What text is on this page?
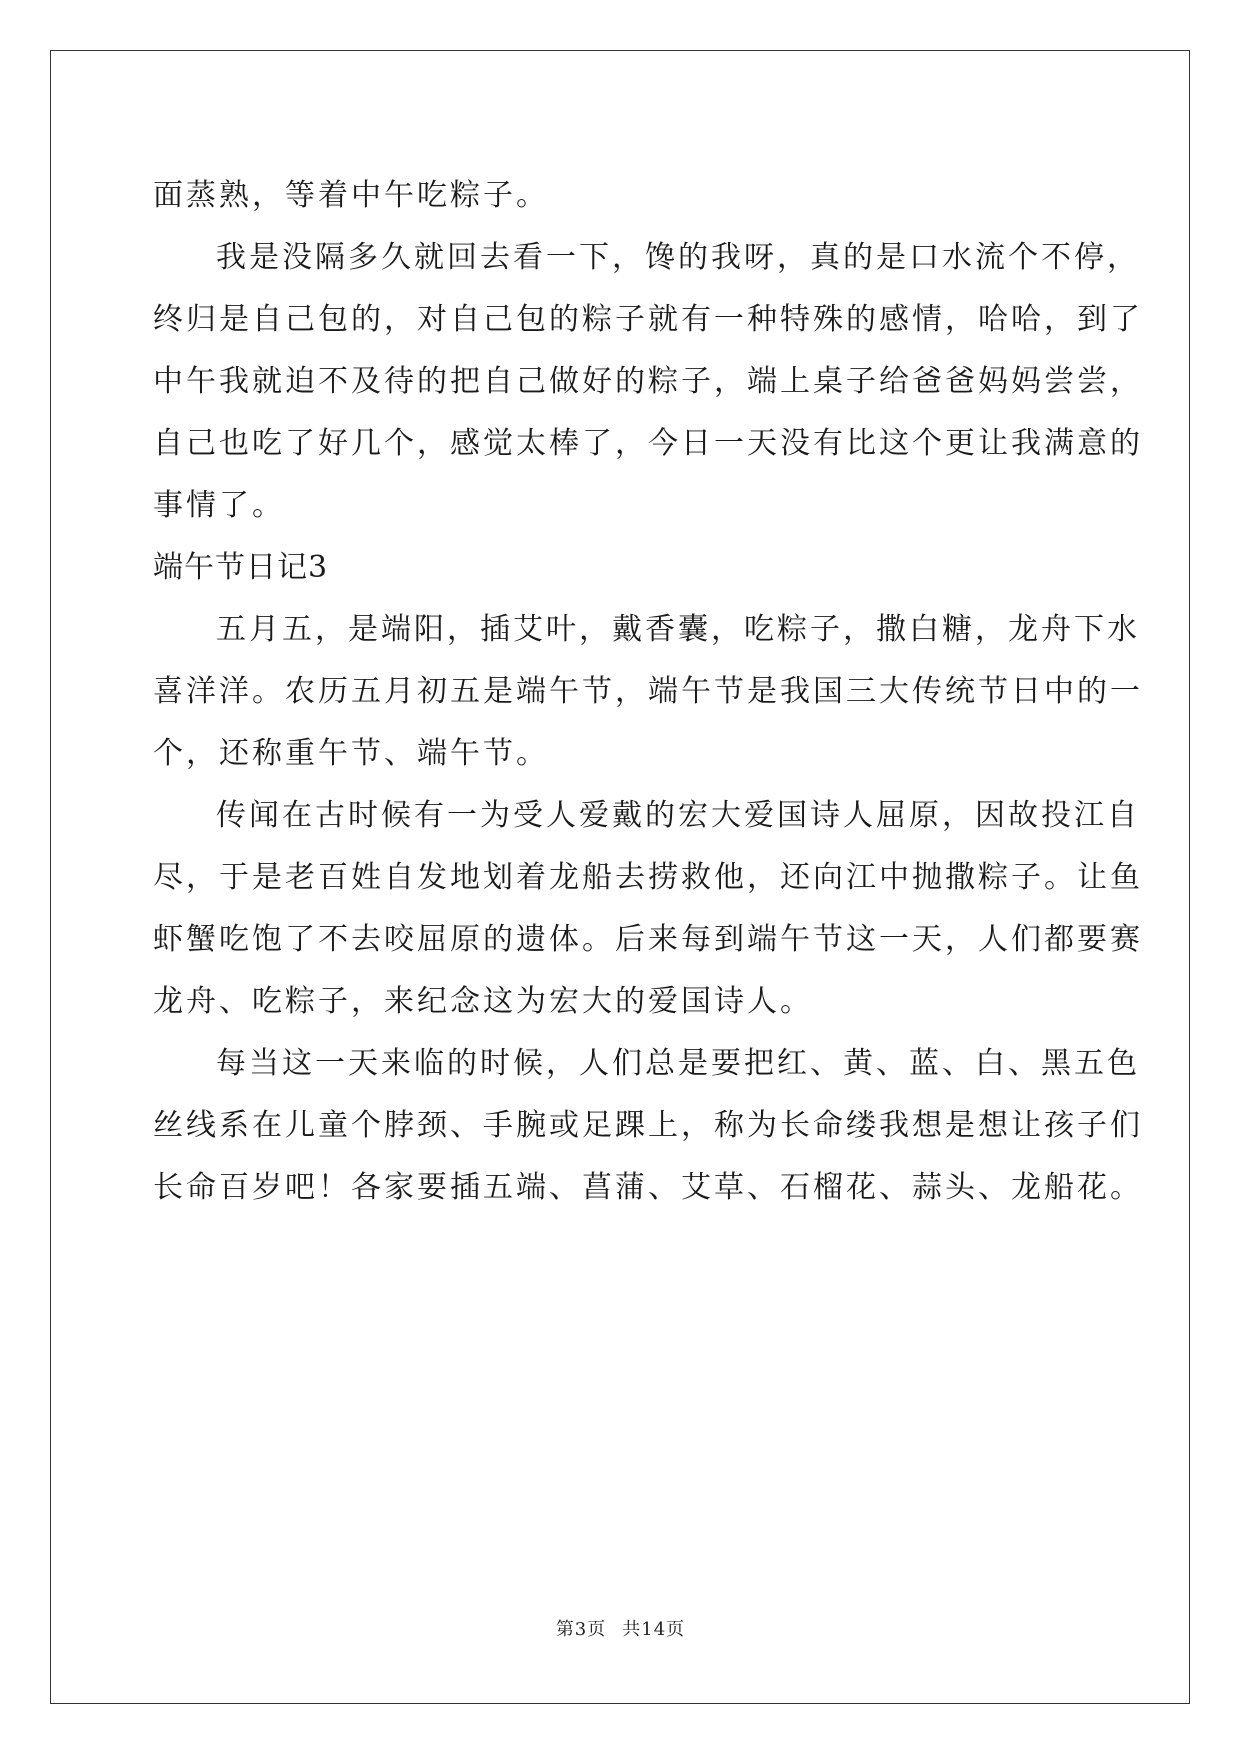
面蒸熟，等着中午吃粽子。

我是没隔多久就回去看一下，馋的我呀，真的是口水流个不停，

终归是自己包的，对自己包的粽子就有一种特殊的感情，哈哈，到了

中午我就迫不及待的把自己做好的粽子，端上桌子给爸爸妈妈尝尝，

自己也吃了好几个，感觉太棒了，今日一天没有比这个更让我满意的

事情了。

端午节日记3

五月五，是端阳，插艾叶，戴香囊，吃粽子，撒白糖，龙舟下水

喜洋洋。农历五月初五是端午节，端午节是我国三大传统节日中的一

个，还称重午节、端午节。

传闻在古时候有一为受人爱戴的宏大爱国诗人屈原，因故投江自

尽，于是老百姓自发地划着龙船去捞救他，还向江中抛撒粽子。让鱼

虾蟹吃饱了不去咬屈原的遗体。后来每到端午节这一天，人们都要赛

龙舟、吃粽子，来纪念这为宏大的爱国诗人。

每当这一天来临的时候，人们总是要把红、黄、蓝、白、黑五色

丝线系在儿童个脖颈、手腕或足踝上，称为长命缕我想是想让孩子们

长命百岁吧！各家要插五端、菖蒲、艾草、石榴花、蒜头、龙船花。

第3页 共14页
